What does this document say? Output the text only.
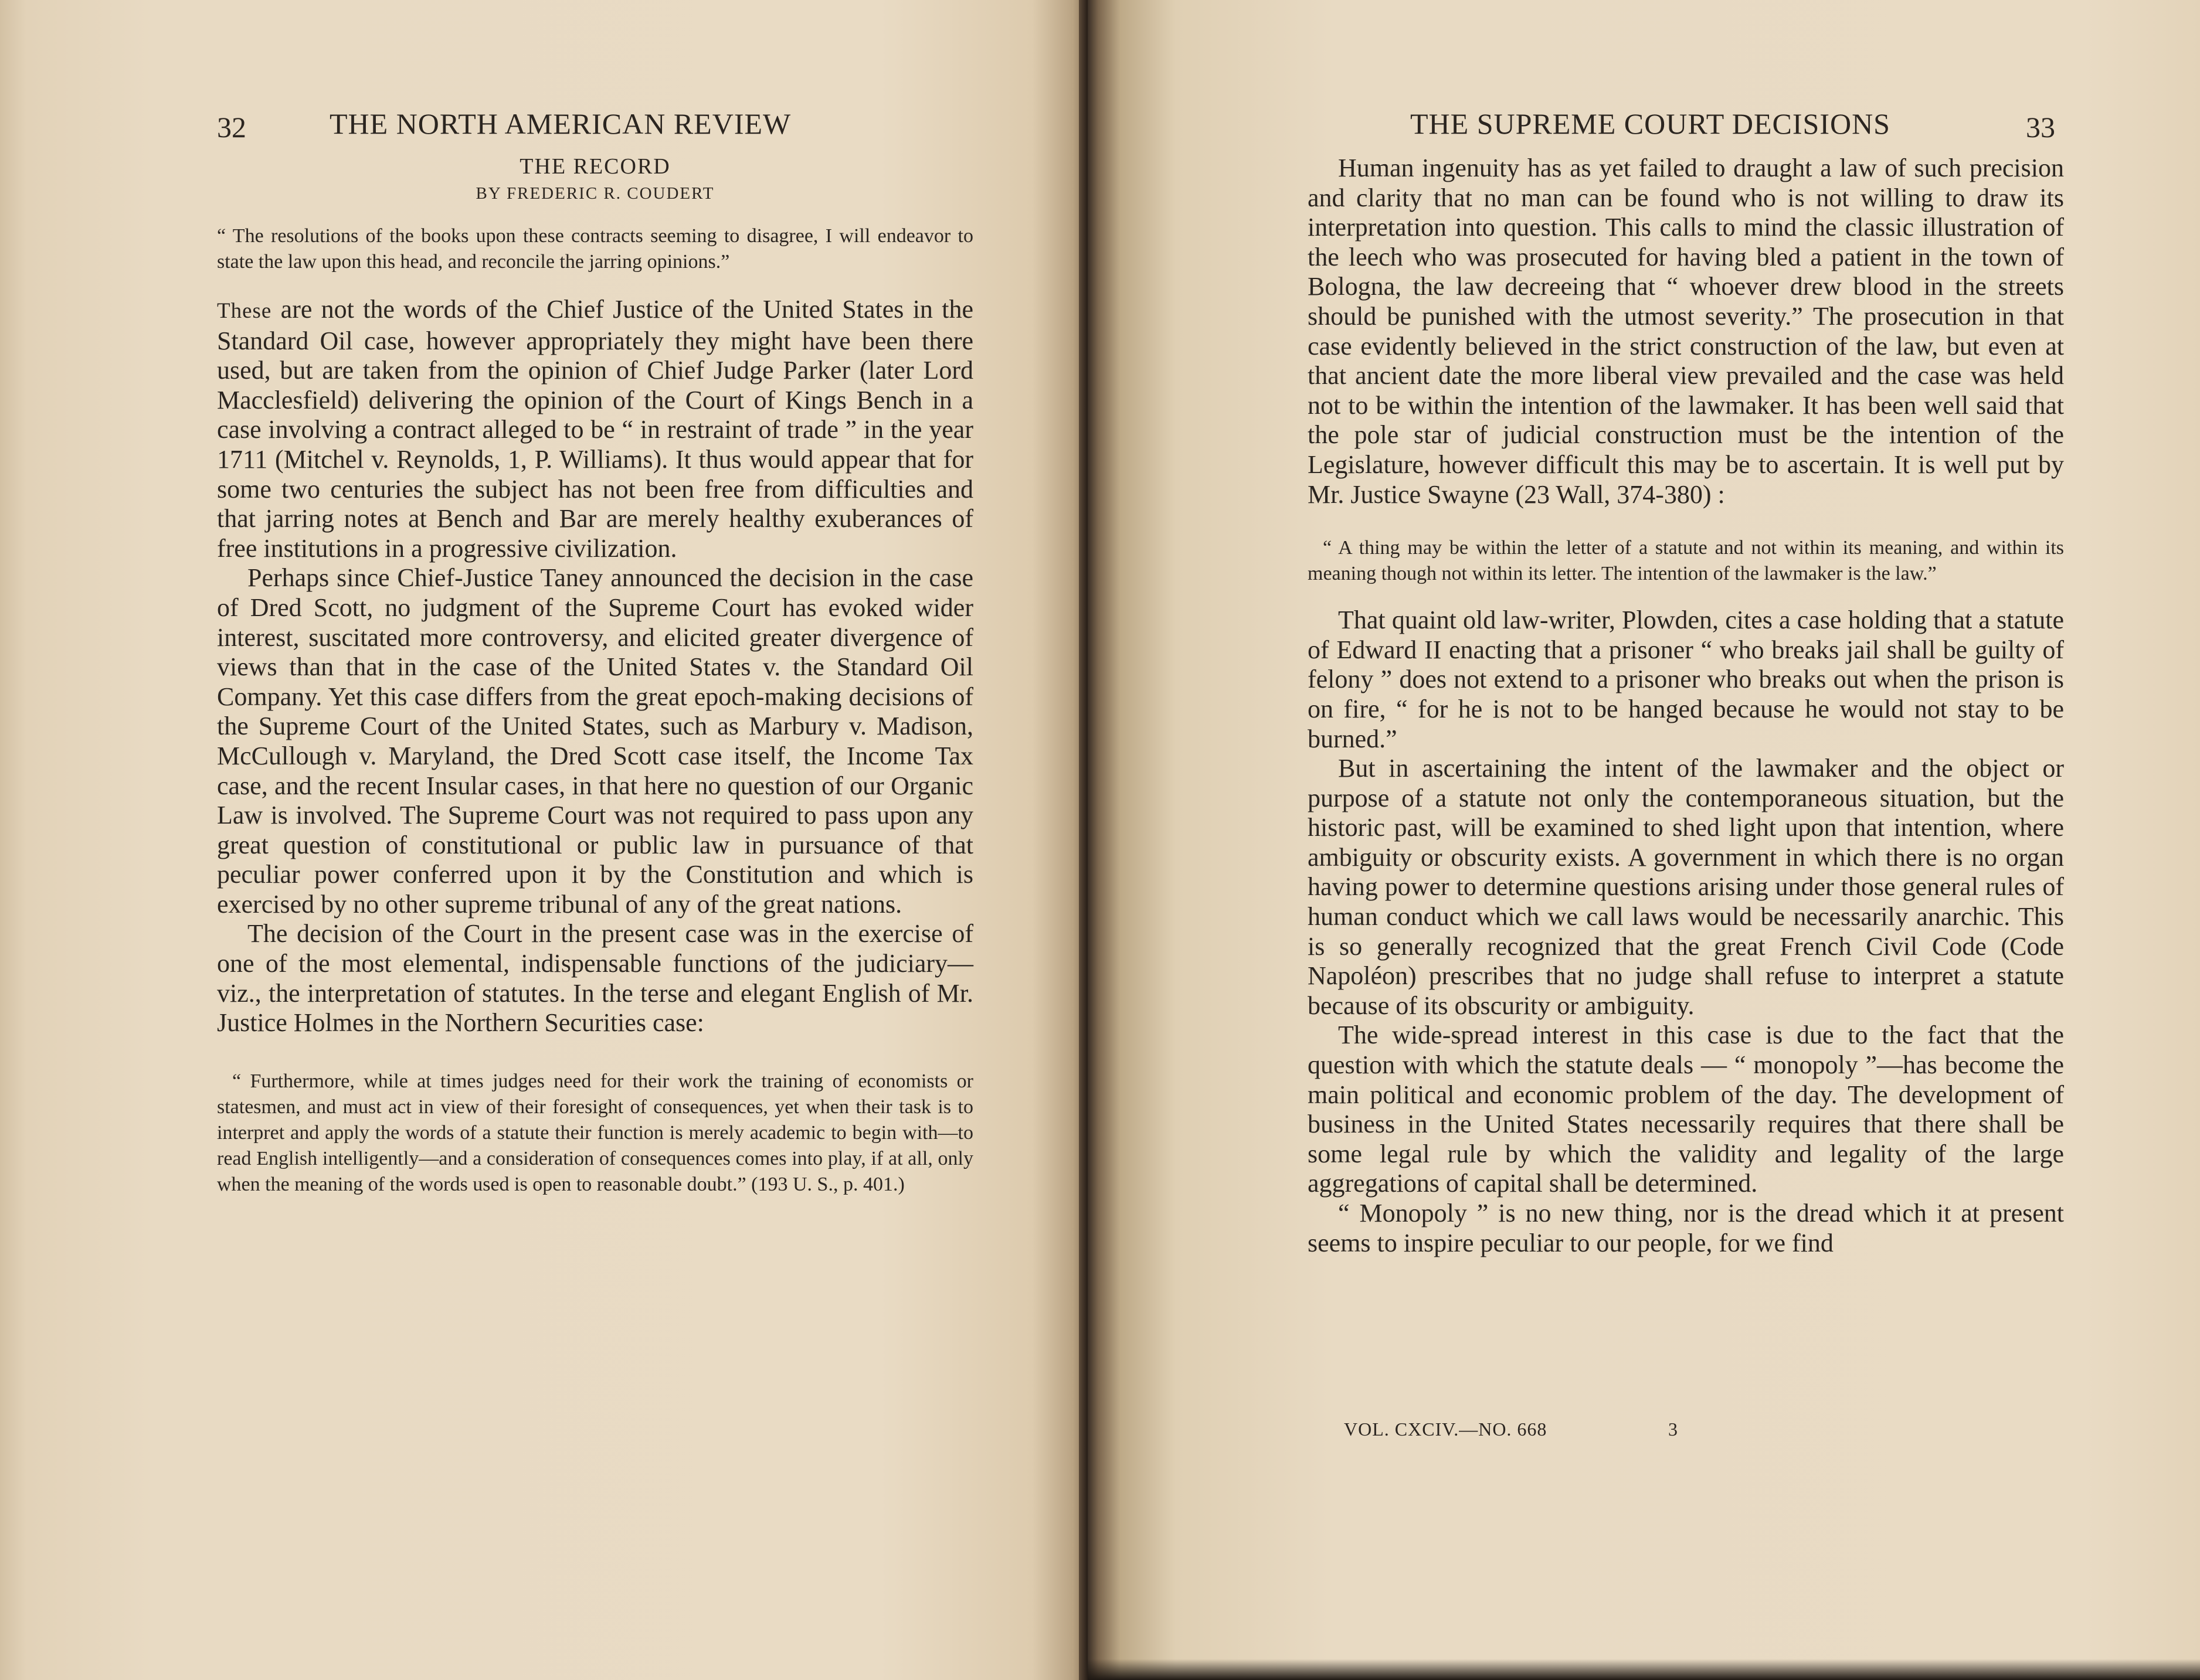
32	THE NORTH AMERICAN REVIEW
THE RECORD
BY FREDERIC R. COUDERT

“ The resolutions of the books upon these contracts seeming to disagree, I will endeavor to state the law upon this head, and reconcile the jarring opinions.”

These are not the words of the Chief Justice of the United States in the Standard Oil case, however appropriately they might have been there used, but are taken from the opinion of Chief Judge Parker (later Lord Macclesfield) delivering the opinion of the Court of Kings Bench in a case involving a contract alleged to be “ in restraint of trade ” in the year 1711 (Mitchel v. Reynolds, 1, P. Williams). It thus would appear that for some two centuries the subject has not been free from difficulties and that jarring notes at Bench and Bar are merely healthy exuberances of free institutions in a progressive civilization.

Perhaps since Chief-Justice Taney announced the decision in the case of Dred Scott, no judgment of the Supreme Court has evoked wider interest, suscitated more controversy, and elicited greater divergence of views than that in the case of the United States v. the Standard Oil Company. Yet this case differs from the great epoch-making decisions of the Supreme Court of the United States, such as Marbury v. Madison, McCullough v. Maryland, the Dred Scott case itself, the Income Tax case, and the recent Insular cases, in that here no question of our Organic Law is involved. The Supreme Court was not required to pass upon any great question of constitutional or public law in pursuance of that peculiar power conferred upon it by the Constitution and which is exercised by no other supreme tribunal of any of the great nations.

The decision of the Court in the present case was in the exercise of one of the most elemental, indispensable functions of the judiciary—viz., the interpretation of statutes. In the terse and elegant English of Mr. Justice Holmes in the Northern Securities case:

“ Furthermore, while at times judges need for their work the training of economists or statesmen, and must act in view of their foresight of consequences, yet when their task is to interpret and apply the words of a statute their function is merely academic to begin with—to read English intelligently—and a consideration of consequences comes into play, if at all, only when the meaning of the words used is open to reasonable doubt.” (193 U. S., p. 401.)

THE SUPREME COURT DECISIONS	33

Human ingenuity has as yet failed to draught a law of such precision and clarity that no man can be found who is not willing to draw its interpretation into question. This calls to mind the classic illustration of the leech who was prosecuted for having bled a patient in the town of Bologna, the law decreeing that “ whoever drew blood in the streets should be punished with the utmost severity.” The prosecution in that case evidently believed in the strict construction of the law, but even at that ancient date the more liberal view prevailed and the case was held not to be within the intention of the lawmaker. It has been well said that the pole star of judicial construction must be the intention of the Legislature, however difficult this may be to ascertain. It is well put by Mr. Justice Swayne (23 Wall, 374-380) :

“ A thing may be within the letter of a statute and not within its meaning, and within its meaning though not within its letter. The intention of the lawmaker is the law.”

That quaint old law-writer, Plowden, cites a case holding that a statute of Edward II enacting that a prisoner “ who breaks jail shall be guilty of felony ” does not extend to a prisoner who breaks out when the prison is on fire, “ for he is not to be hanged because he would not stay to be burned.”

But in ascertaining the intent of the lawmaker and the object or purpose of a statute not only the contemporaneous situation, but the historic past, will be examined to shed light upon that intention, where ambiguity or obscurity exists. A government in which there is no organ having power to determine questions arising under those general rules of human conduct which we call laws would be necessarily anarchic. This is so generally recognized that the great French Civil Code (Code Napoléon) prescribes that no judge shall refuse to interpret a statute because of its obscurity or ambiguity.

The wide-spread interest in this case is due to the fact that the question with which the statute deals — “ monopoly ”—has become the main political and economic problem of the day. The development of business in the United States necessarily requires that there shall be some legal rule by which the validity and legality of the large aggregations of capital shall be determined.

“ Monopoly ” is no new thing, nor is the dread which it at present seems to inspire peculiar to our people, for we find

VOL. CXCIV.—NO. 668	3
